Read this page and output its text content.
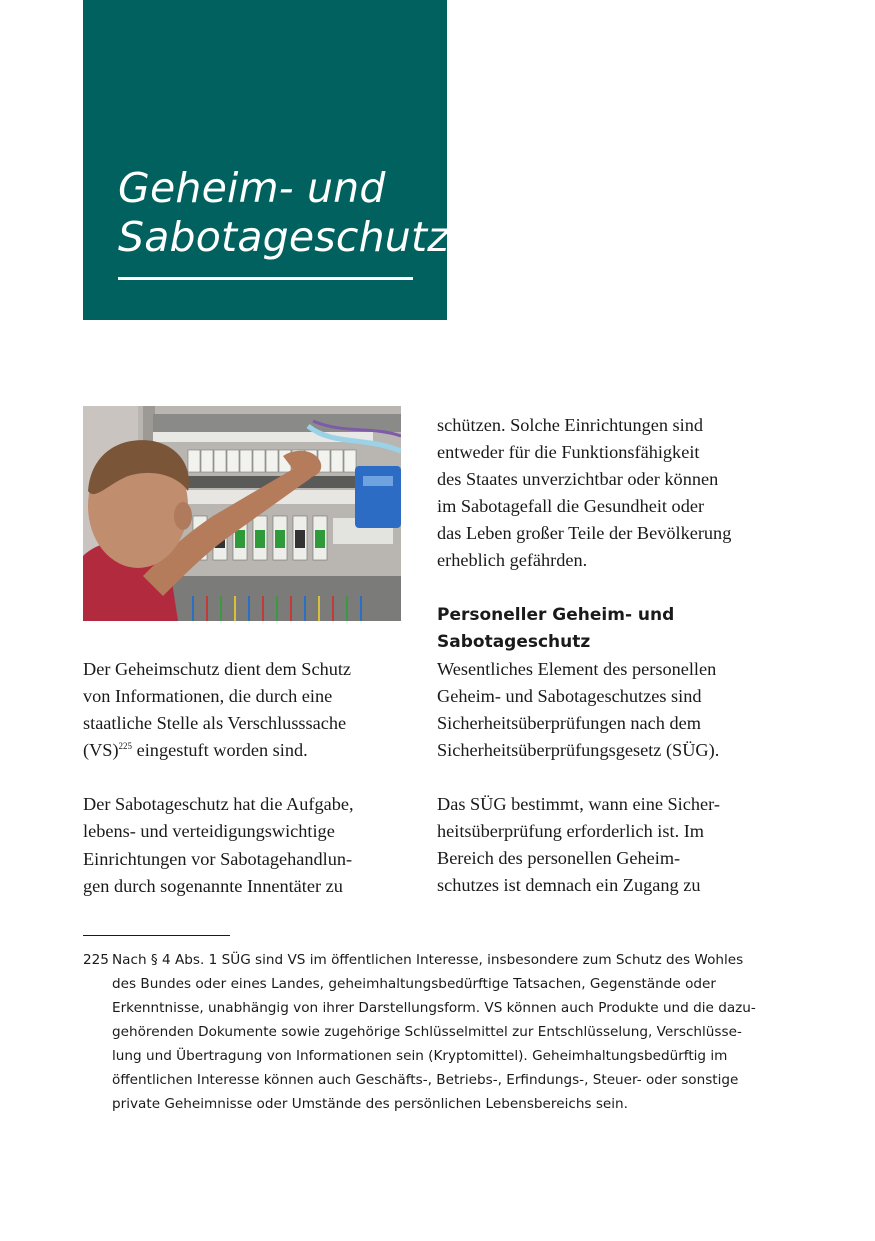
Geheim- und
Sabotageschutz

Der Geheimschutz dient dem Schutz
von Informationen, die durch eine
staatliche Stelle als Verschlusssache
(VS)$^{225}$ eingestuft worden sind.

Der Sabotageschutz hat die Aufgabe,
lebens- und verteidigungswichtige
Einrichtungen vor Sabotagehandlun-
gen durch sogenannte Innentäter zu

schützen. Solche Einrichtungen sind
entweder für die Funktionsfähigkeit
des Staates unverzichtbar oder können
im Sabotagefall die Gesundheit oder
das Leben großer Teile der Bevölkerung
erheblich gefährden.

Personeller Geheim- und
Sabotageschutz

Wesentliches Element des personellen
Geheim- und Sabotageschutzes sind
Sicherheitsüberprüfungen nach dem
Sicherheitsüberprüfungsgesetz (SÜG).

Das SÜG bestimmt, wann eine Sicher-
heitsüberprüfung erforderlich ist. Im
Bereich des personellen Geheim-
schutzes ist demnach ein Zugang zu

225 Nach § 4 Abs. 1 SÜG sind VS im öffentlichen Interesse, insbesondere zum Schutz des Wohles
des Bundes oder eines Landes, geheimhaltungsbedürftige Tatsachen, Gegenstände oder
Erkenntnisse, unabhängig von ihrer Darstellungsform. VS können auch Produkte und die dazu-
gehörenden Dokumente sowie zugehörige Schlüsselmittel zur Entschlüsselung, Verschlüsse-
lung und Übertragung von Informationen sein (Kryptomittel). Geheimhaltungsbedürftig im
öffentlichen Interesse können auch Geschäfts-, Betriebs-, Erfindungs-, Steuer- oder sonstige
private Geheimnisse oder Umstände des persönlichen Lebensbereichs sein.
